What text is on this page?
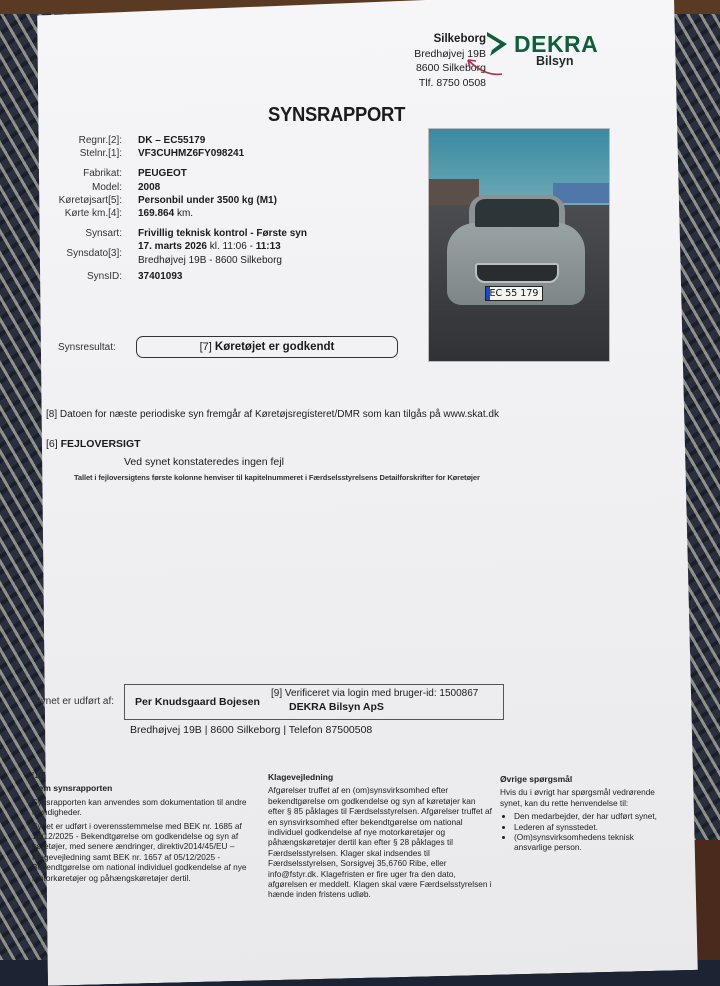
Silkeborg
Bredhøjvej 19B
8600 Silkeborg
Tlf. 8750 0508
DEKRA
Bilsyn
SYNSRAPPORT
Regnr.[2]: DK – EC55179
Stelnr.[1]: VF3CUHMZ6FY098241
Fabrikat: PEUGEOT
Model: 2008
Køretøjsart[5]: Personbil under 3500 kg (M1)
Kørte km.[4]: 169.864 km.
Synsart: Frivillig teknisk kontrol - Første syn
Synsdato[3]:
17. marts 2026 kl. 11:06 - 11:13
Bredhøjvej 19B - 8600 Silkeborg
SynsID: 37401093
EC 55 179
Synsresultat:	[7] Køretøjet er godkendt
[8] Datoen for næste periodiske syn fremgår af Køretøjsregisteret/DMR som kan tilgås på www.skat.dk
[6] FEJLOVERSIGT
Ved synet konstateredes ingen fejl
Tallet i fejloversigtens første kolonne henviser til kapitelnummeret i Færdselsstyrelsens Detailforskrifter for Køretøjer
Synet er udført af: Per Knudsgaard Bojesen
[9] Verificeret via login med bruger-id: 1500867
DEKRA Bilsyn ApS
Bredhøjvej 19B | 8600 Silkeborg | Telefon 87500508
[10]
Gem synsrapporten

Synsrapporten kan anvendes som dokumentation til andre myndigheder.

Synet er udført i overensstemmelse med BEK nr. 1685 af 16/12/2025 - Bekendtgørelse om godkendelse og syn af køretøjer, med senere ændringer, direktiv2014/45/EU – Klagevejledning samt BEK nr. 1657 af 05/12/2025 - Bekendtgørelse om national individuel godkendelse af nye motorkøretøjer og påhængskøretøjer dertil.

Klagevejledning

Afgørelser truffet af en (om)synsvirksomhed efter bekendtgørelse om godkendelse og syn af køretøjer kan efter § 85 påklages til Færdselsstyrelsen. Afgørelser truffet af en synsvirksomhed efter bekendtgørelse om national individuel godkendelse af nye motorkøretøjer og påhængskøretøjer dertil kan efter § 28 påklages til Færdselsstyrelsen. Klager skal indsendes til Færdselsstyrelsen, Sorsigvej 35,6760 Ribe, eller info@fstyr.dk. Klagefristen er fire uger fra den dato, afgørelsen er meddelt. Klagen skal være Færdselsstyrelsen i hænde inden fristens udløb.

Øvrige spørgsmål

Hvis du i øvrigt har spørgsmål vedrørende synet, kan du rette henvendelse til:

• Den medarbejder, der har udført synet,
• Lederen af synsstedet.
• (Om)synsvirksomhedens teknisk ansvarlige person.
